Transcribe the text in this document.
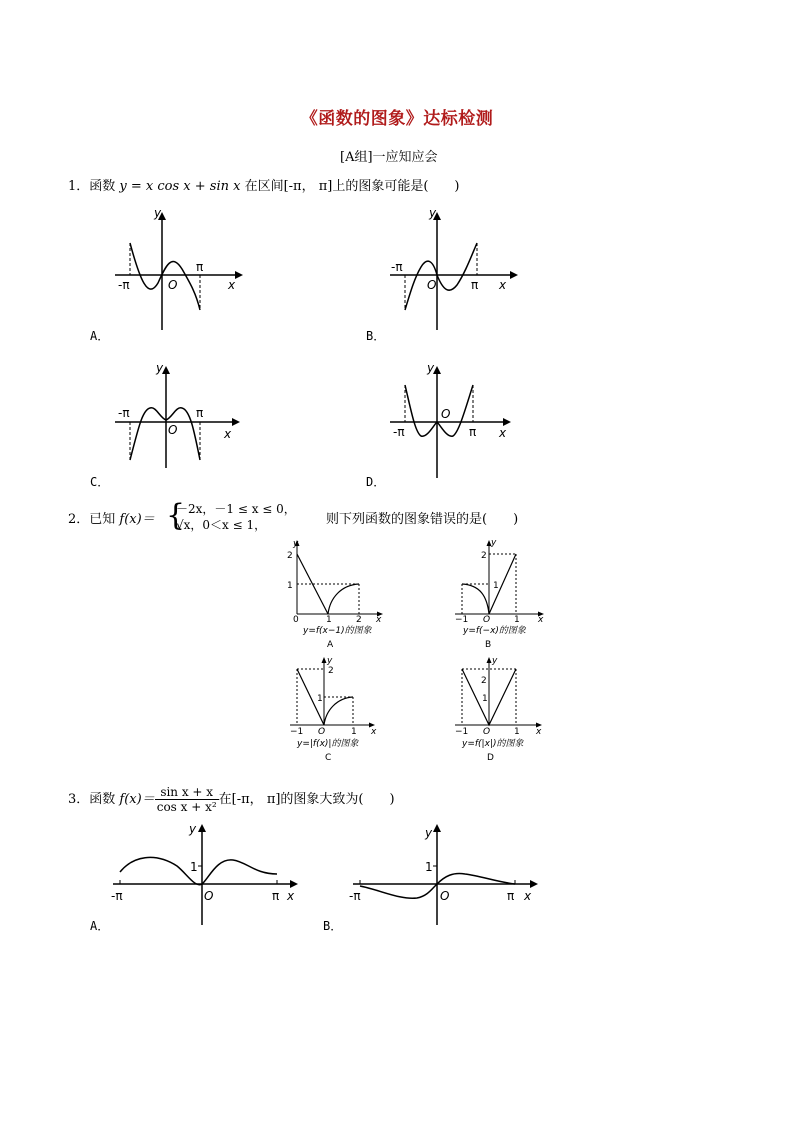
《函数的图象》达标检测
[A组]一应知应会
1．函数 y = x cos x + sin x 在区间[-π， π]上的图象可能是(　　)
y
x
O
π
-π
A．
y
x
O	π
-π
B．
y
x
O
π
-π
C．
y
x
O
π
-π
D．
2．已知 f(x)＝ {
－2x，－1 ≤ x ≤ 0，
√x，0＜x ≤ 1，	则下列函数的图象错误的是(　　)
y
x
2
1
0	1	2
y=f(x−1)的图象
A
y
x
2
1
−1 O	1
y=f(−x)的图象
B
y
x
2
1
−1 O	1
y=|f(x)|的图象
C
y
x
2
1
−1 O	1
y=f(|x|)的图象
D
3．函数 $f(x)= \frac{\text{sin x + x}}{\text{cos x + x²}}$ 在[-π， π]的图象大致为(　　)
y
x
O
1
π
-π
A．
y
x
O
1
π
-π
B．
